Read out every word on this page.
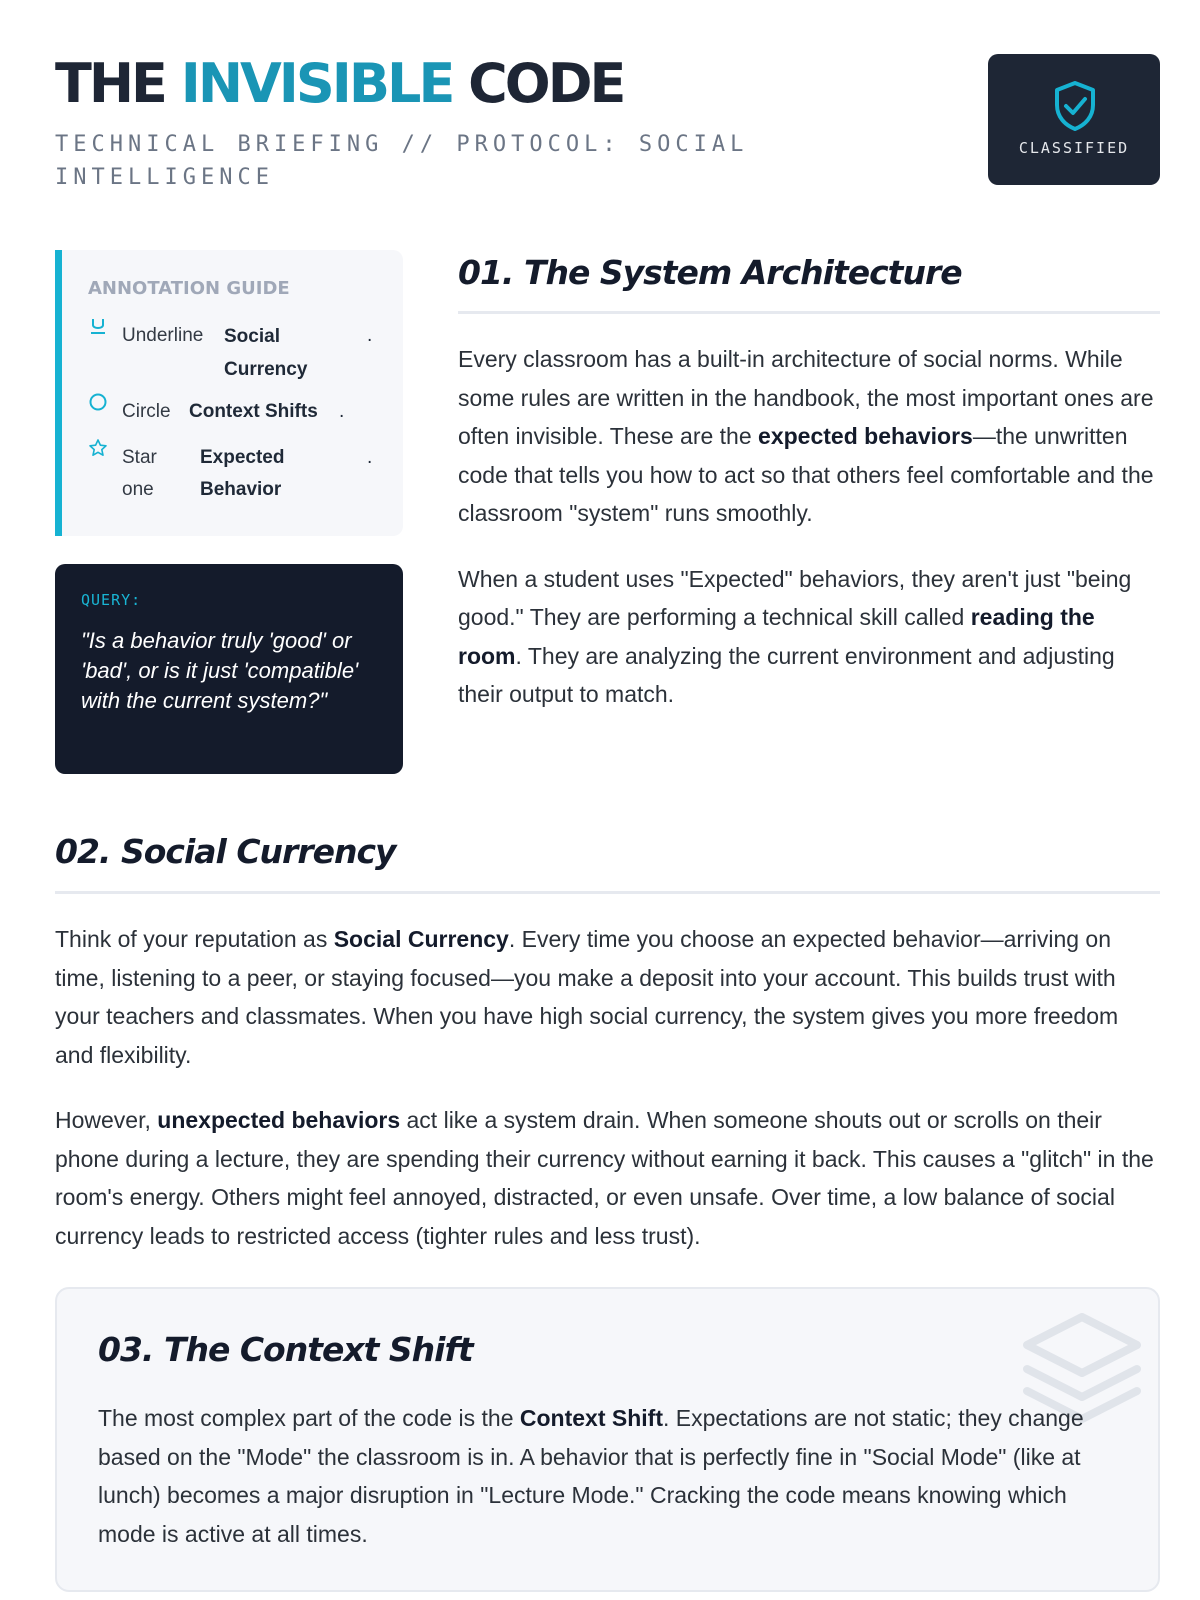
THE INVISIBLE CODE
TECHNICAL BRIEFING // PROTOCOL: SOCIAL INTELLIGENCE
CLASSIFIED
ANNOTATION GUIDE
Underline Social Currency
.
Circle Context Shifts .
Star one
Expected Behavior
.
QUERY:
"Is a behavior truly 'good' or 'bad', or is it just 'compatible' with the current system?"
01. The System Architecture

Every classroom has a built-in architecture of social norms. While some rules are written in the handbook, the most important ones are often invisible. These are the expected behaviors—the unwritten code that tells you how to act so that others feel comfortable and the classroom "system" runs smoothly.

When a student uses "Expected" behaviors, they aren't just "being good." They are performing a technical skill called reading the room. They are analyzing the current environment and adjusting their output to match.

02. Social Currency

Think of your reputation as Social Currency. Every time you choose an expected behavior—arriving on time, listening to a peer, or staying focused—you make a deposit into your account. This builds trust with your teachers and classmates. When you have high social currency, the system gives you more freedom and flexibility.

However, unexpected behaviors act like a system drain. When someone shouts out or scrolls on their phone during a lecture, they are spending their currency without earning it back. This causes a "glitch" in the room's energy. Others might feel annoyed, distracted, or even unsafe. Over time, a low balance of social currency leads to restricted access (tighter rules and less trust).

03. The Context Shift

The most complex part of the code is the Context Shift. Expectations are not static; they change based on the "Mode" the classroom is in. A behavior that is perfectly fine in "Social Mode" (like at lunch) becomes a major disruption in "Lecture Mode." Cracking the code means knowing which mode is active at all times.
